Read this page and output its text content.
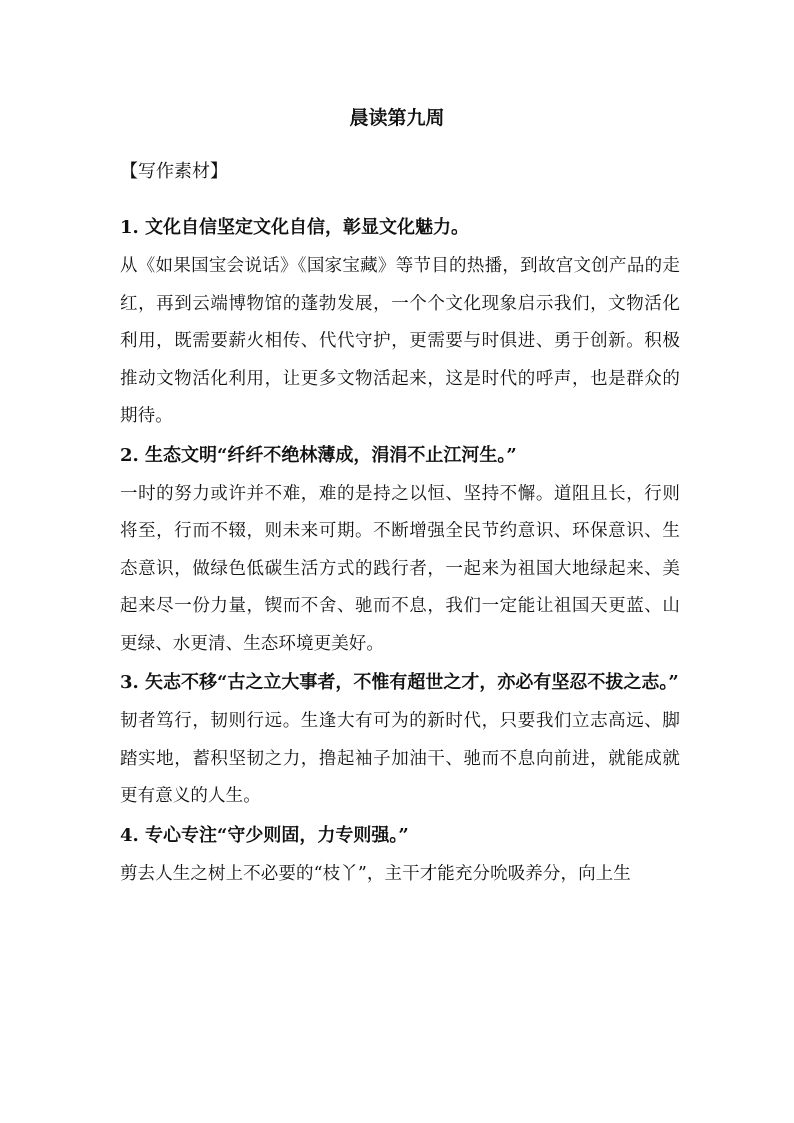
晨读第九周
【写作素材】

1. 文化自信坚定文化自信，彰显文化魅力。

从《如果国宝会说话》《国家宝藏》等节目的热播，到故宫文创产品的走红，再到云端博物馆的蓬勃发展，一个个文化现象启示我们，文物活化利用，既需要薪火相传、代代守护，更需要与时俱进、勇于创新。积极推动文物活化利用，让更多文物活起来，这是时代的呼声，也是群众的期待。

2. 生态文明“纤纤不绝林薄成，涓涓不止江河生。”

一时的努力或许并不难，难的是持之以恒、坚持不懈。道阻且长，行则将至，行而不辍，则未来可期。不断增强全民节约意识、环保意识、生态意识，做绿色低碳生活方式的践行者，一起来为祖国大地绿起来、美起来尽一份力量，锲而不舍、驰而不息，我们一定能让祖国天更蓝、山更绿、水更清、生态环境更美好。

3. 矢志不移“古之立大事者，不惟有超世之才，亦必有坚忍不拔之志。”

韧者笃行，韧则行远。生逢大有可为的新时代，只要我们立志高远、脚踏实地，蓄积坚韧之力，撸起袖子加油干、驰而不息向前进，就能成就更有意义的人生。

4. 专心专注“守少则固，力专则强。”

剪去人生之树上不必要的“枝丫”，主干才能充分吮吸养分，向上生
